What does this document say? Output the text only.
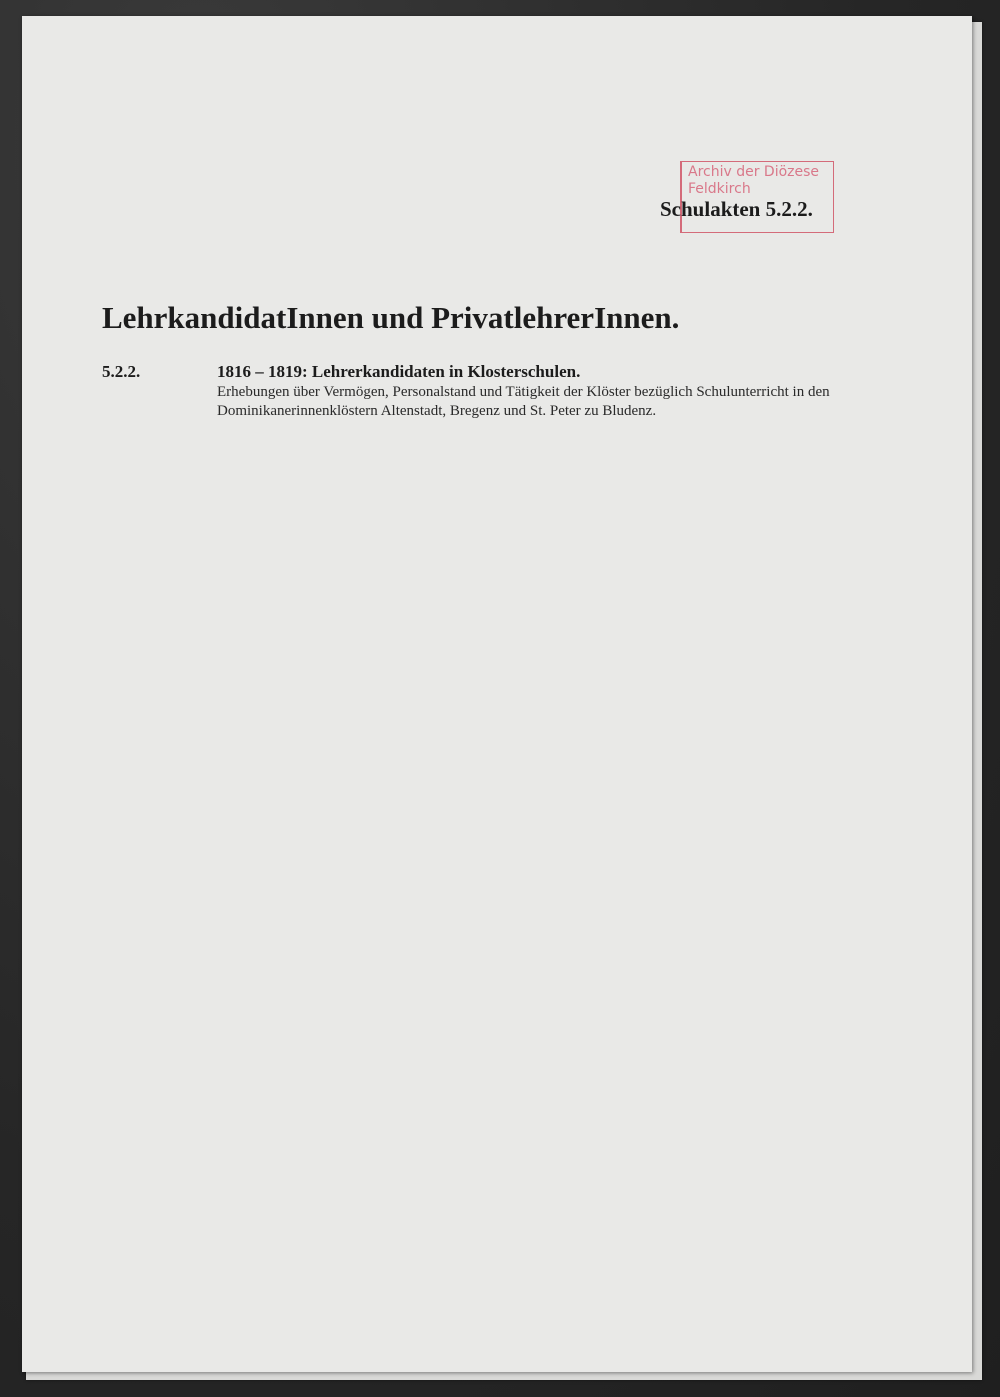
Archiv der Diözese
Feldkirch
Schulakten 5.2.2.
LehrkandidatInnen und PrivatlehrerInnen.
5.2.2.	1816 – 1819: Lehrerkandidaten in Klosterschulen.
Erhebungen über Vermögen, Personalstand und Tätigkeit der Klöster bezüglich Schulunterricht in den
Dominikanerinnenklöstern Altenstadt, Bregenz und St. Peter zu Bludenz.
